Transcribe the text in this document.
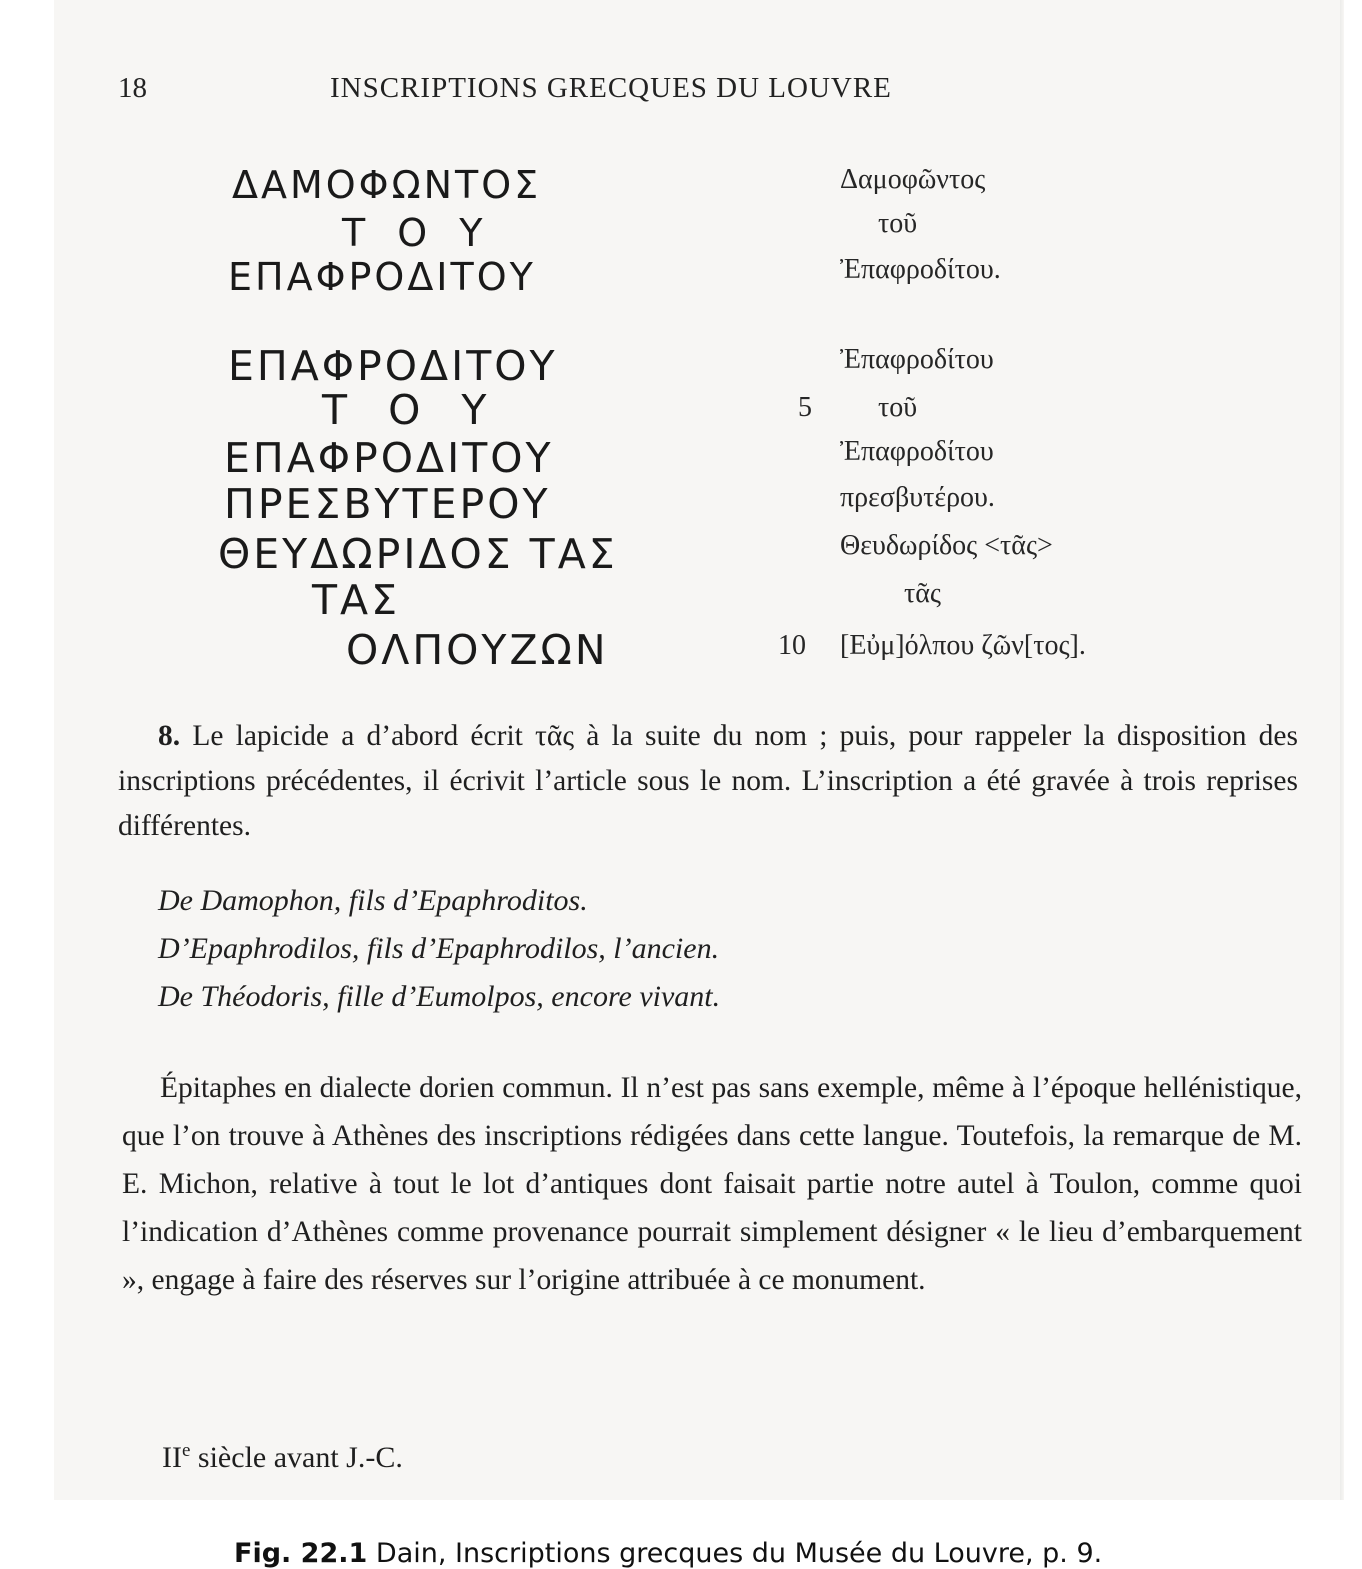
18	INSCRIPTIONS GRECQUES DU LOUVRE
ΔΑΜΟΦΩΝΤΟΣ
Τ Ο Υ
ΕΠΑΦΡΟΔΙΤΟΥ
ΕΠΑΦΡΟΔΙΤΟΥ
Τ Ο Υ
ΕΠΑΦΡΟΔΙΤΟΥ
ΠΡΕΣΒΥΤΕΡΟΥ
ΘΕΥΔΩΡΙΔΟΣ ΤΑΣ
ΤΑΣ
ΟΛΠΟΥΖΩΝ
Δαμοφῶντος
τοῦ
Ἐπαφροδίτου.
Ἐπαφροδίτου
5 τοῦ
Ἐπαφροδίτου
πρεσβυτέρου.
Θευδωρίδος <τᾶς>
τᾶς
10 [Εὐμ]όλπου ζῶν[τος].

8. Le lapicide a d’abord écrit τᾶς à la suite du nom ; puis, pour rappeler la disposition des inscriptions précédentes, il écrivit l’article sous le nom. L’inscription a été gravée à trois reprises différentes.

De Damophon, fils d’Epaphroditos.
D’Epaphrodilos, fils d’Epaphrodilos, l’ancien.
De Théodoris, fille d’Eumolpos, encore vivant.

Épitaphes en dialecte dorien commun. Il n’est pas sans exemple, même à l’époque hellénistique, que l’on trouve à Athènes des inscriptions rédigées dans cette langue. Toutefois, la remarque de M. E. Michon, relative à tout le lot d’antiques dont faisait partie notre autel à Toulon, comme quoi l’indication d’Athènes comme provenance pourrait simplement désigner « le lieu d’embarquement », engage à faire des réserves sur l’origine attribuée à ce monument.

IIe siècle avant J.-C.
Fig. 22.1 Dain, Inscriptions grecques du Musée du Louvre, p. 9.
